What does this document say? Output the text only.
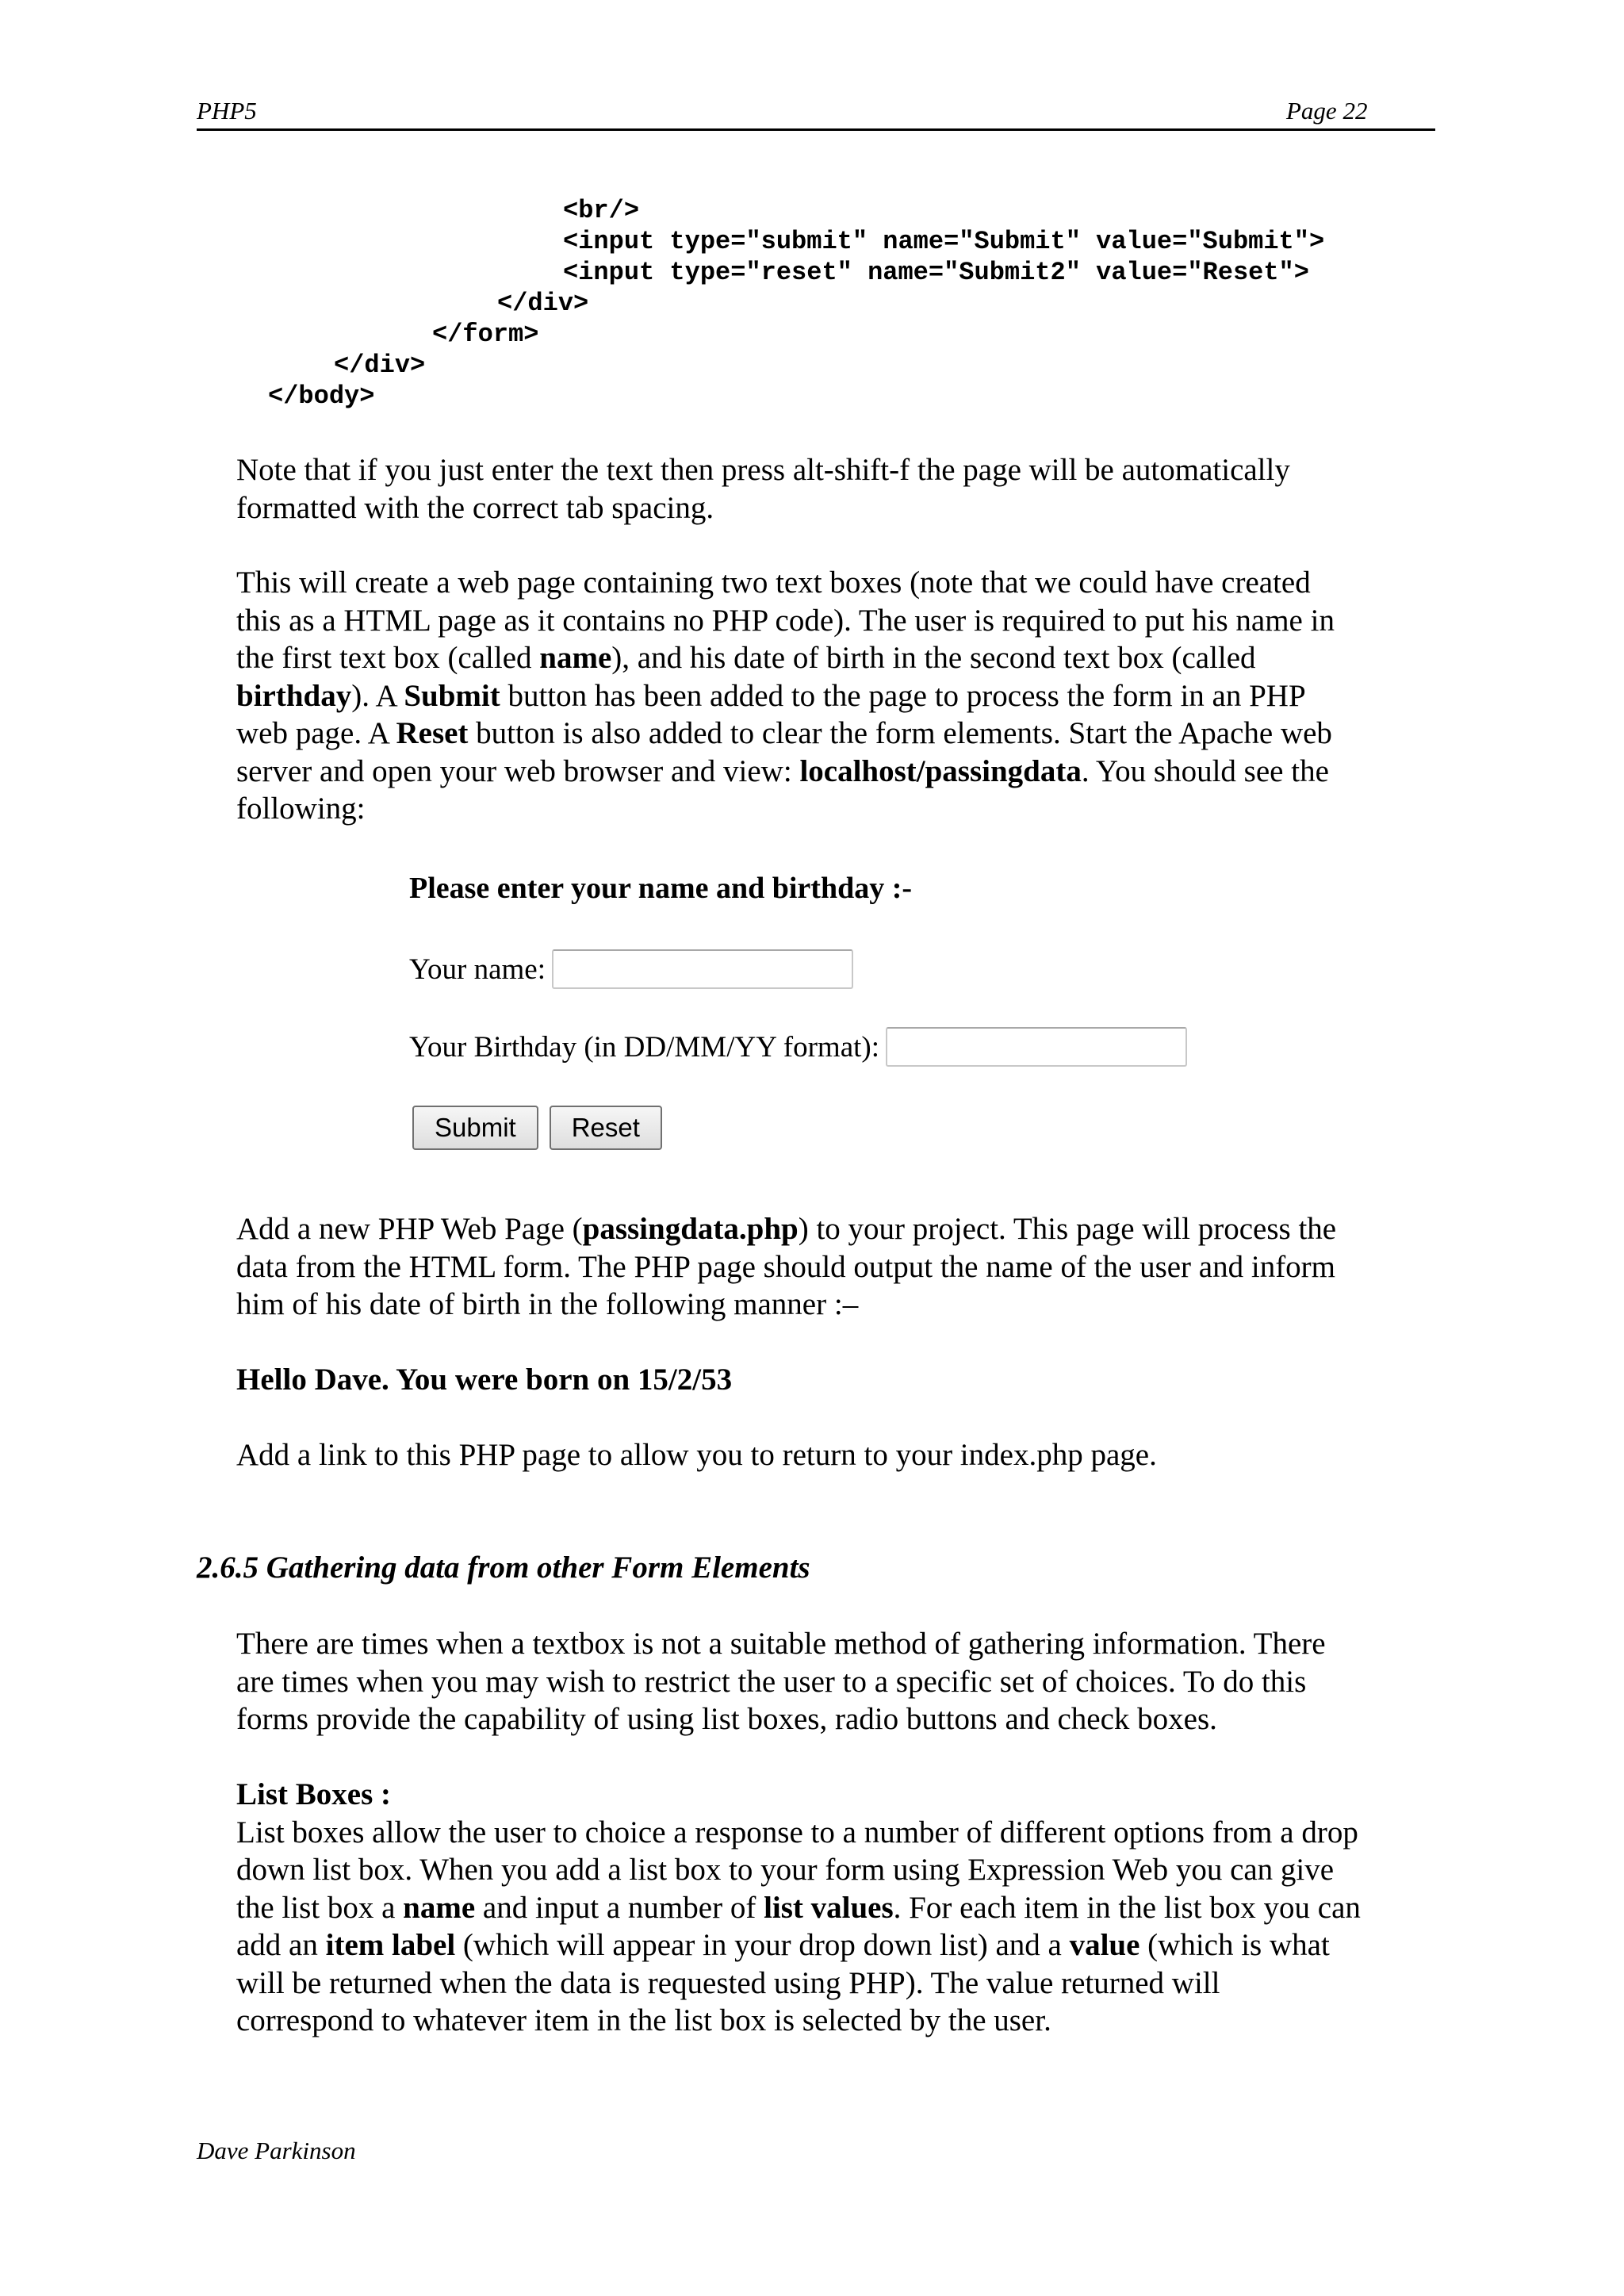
PHP5	Page 22
<br/>
<input type="submit" name="Submit" value="Submit">
<input type="reset" name="Submit2" value="Reset">
</div>
</form>
</div>
</body>
Note that if you just enter the text then press alt-shift-f the page will be automatically
formatted with the correct tab spacing.
This will create a web page containing two text boxes (note that we could have created
this as a HTML page as it contains no PHP code). The user is required to put his name in
the first text box (called name), and his date of birth in the second text box (called
birthday). A Submit button has been added to the page to process the form in an PHP
web page. A Reset button is also added to clear the form elements. Start the Apache web
server and open your web browser and view: localhost/passingdata. You should see the
following:
Please enter your name and birthday :-
Your name:
Your Birthday (in DD/MM/YY format):
Submit	Reset
Add a new PHP Web Page (passingdata.php) to your project. This page will process the
data from the HTML form. The PHP page should output the name of the user and inform
him of his date of birth in the following manner :–
Hello Dave. You were born on 15/2/53
Add a link to this PHP page to allow you to return to your index.php page.
2.6.5 Gathering data from other Form Elements
There are times when a textbox is not a suitable method of gathering information. There
are times when you may wish to restrict the user to a specific set of choices. To do this
forms provide the capability of using list boxes, radio buttons and check boxes.
List Boxes :
List boxes allow the user to choice a response to a number of different options from a drop
down list box. When you add a list box to your form using Expression Web you can give
the list box a name and input a number of list values. For each item in the list box you can
add an item label (which will appear in your drop down list) and a value (which is what
will be returned when the data is requested using PHP). The value returned will
correspond to whatever item in the list box is selected by the user.
Dave Parkinson
